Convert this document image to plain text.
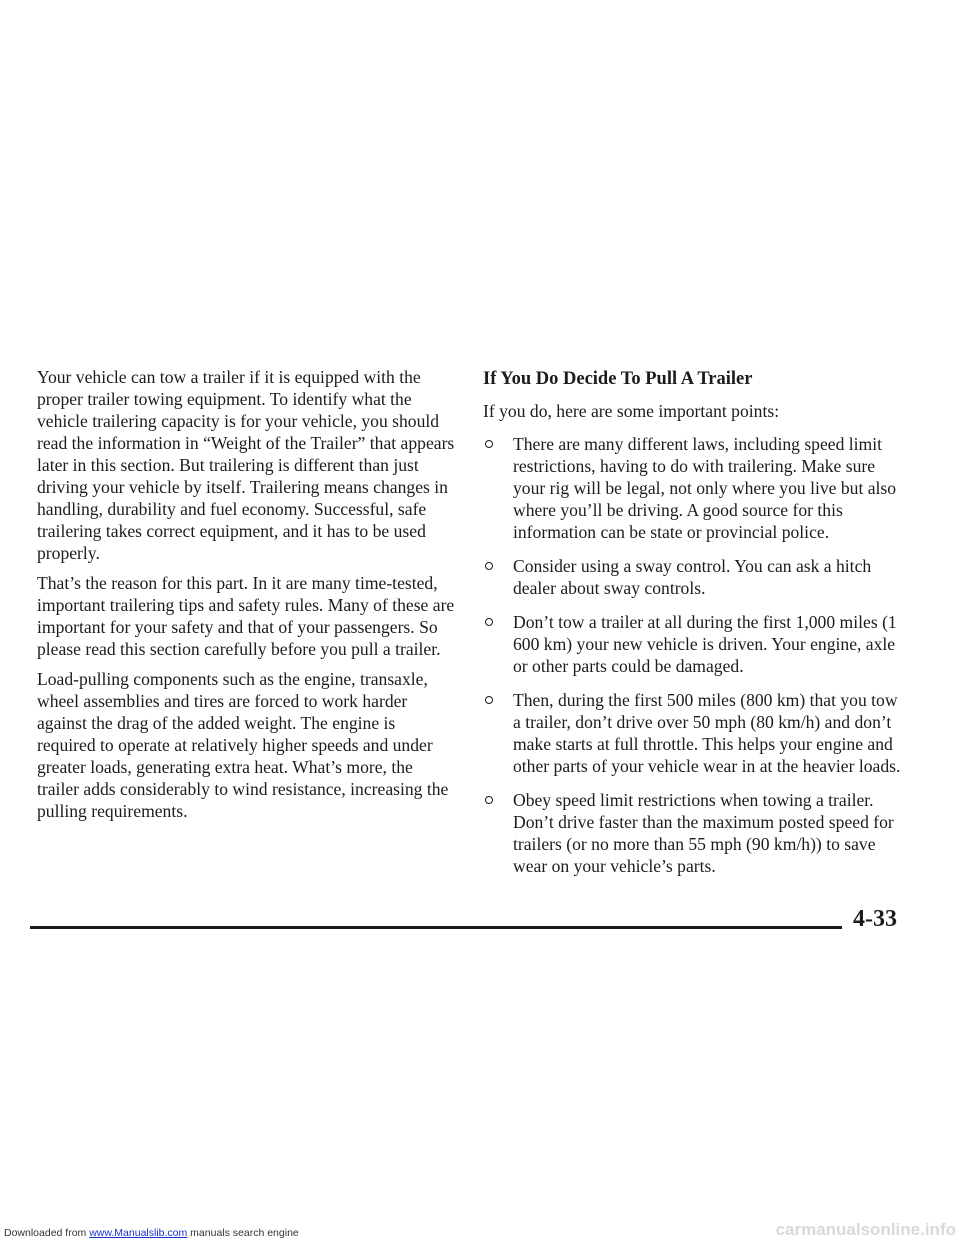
Your vehicle can tow a trailer if it is equipped with the proper trailer towing equipment. To identify what the vehicle trailering capacity is for your vehicle, you should read the information in “Weight of the Trailer” that appears later in this section. But trailering is different than just driving your vehicle by itself. Trailering means changes in handling, durability and fuel economy. Successful, safe trailering takes correct equipment, and it has to be used properly.

That’s the reason for this part. In it are many time-tested, important trailering tips and safety rules. Many of these are important for your safety and that of your passengers. So please read this section carefully before you pull a trailer.

Load-pulling components such as the engine, transaxle, wheel assemblies and tires are forced to work harder against the drag of the added weight. The engine is required to operate at relatively higher speeds and under greater loads, generating extra heat. What’s more, the trailer adds considerably to wind resistance, increasing the pulling requirements.

If You Do Decide To Pull A Trailer

If you do, here are some important points:

There are many different laws, including speed limit restrictions, having to do with trailering. Make sure your rig will be legal, not only where you live but also where you’ll be driving. A good source for this information can be state or provincial police.
Consider using a sway control. You can ask a hitch dealer about sway controls.
Don’t tow a trailer at all during the first 1,000 miles (1 600 km) your new vehicle is driven. Your engine, axle or other parts could be damaged.
Then, during the first 500 miles (800 km) that you tow a trailer, don’t drive over 50 mph (80 km/h) and don’t make starts at full throttle. This helps your engine and other parts of your vehicle wear in at the heavier loads.
Obey speed limit restrictions when towing a trailer. Don’t drive faster than the maximum posted speed for trailers (or no more than 55 mph (90 km/h)) to save wear on your vehicle’s parts.
4-33
Downloaded from www.Manualslib.com manuals search engine	carmanualsonline.info
